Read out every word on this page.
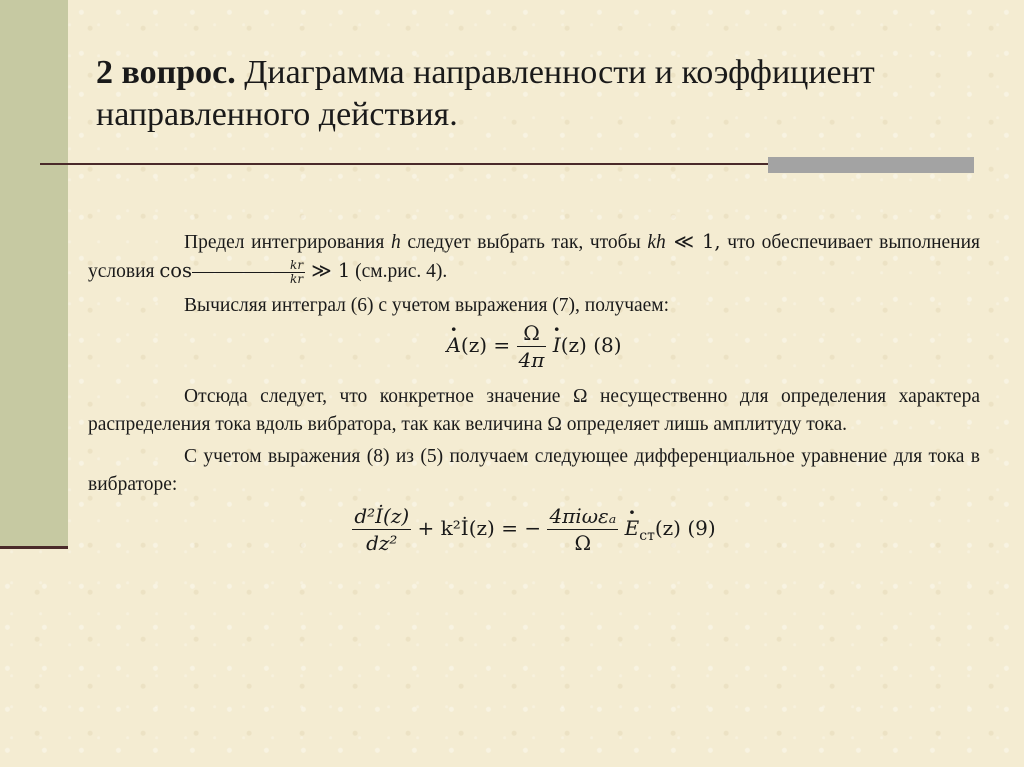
2 вопрос. Диаграмма направленности и коэффициент направленного действия.

Предел интегрирования h следует выбрать так, чтобы kh ≪ 1, что обеспечивает выполнения условия $\cos \frac{kr}{kr}$ ≫ 1 (см.рис. 4).

Вычисляя интеграл (6) с учетом выражения (7), получаем:

· $A(z) = \frac{\Omega}{4\pi}$
· I(z) (8)

Отсюда следует, что конкретное значение Ω несущественно для определения характера распределения тока вдоль вибратора, так как величина Ω определяет лишь амплитуду тока.

С учетом выражения (8) из (5) получаем следующее дифференциальное уравнение для тока в вибраторе:

$\frac{\text{d²İ(z)}}{\text{dz²}}$ + k²İ(z) = − $\frac{\text{4πiωεₐ}}{\Omega}$
· $E_{ст}(z)$ (9)
